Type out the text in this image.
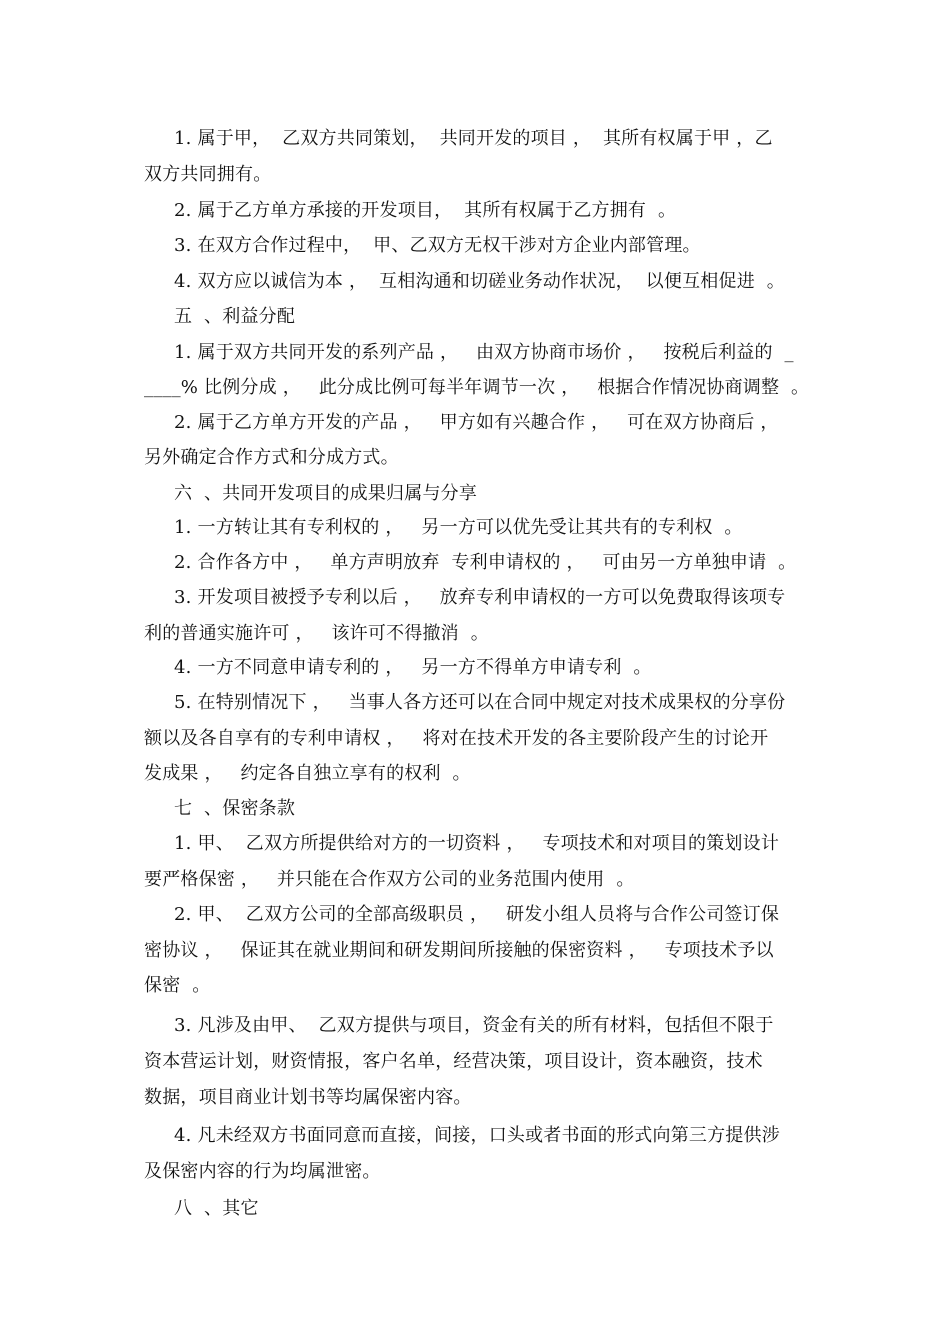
1. 属于甲，  乙双方共同策划，  共同开发的项目 ，  其所有权属于甲 ，乙
双方共同拥有。
2. 属于乙方单方承接的开发项目，  其所有权属于乙方拥有  。
3. 在双方合作过程中，  甲、乙双方无权干涉对方企业内部管理。
4. 双方应以诚信为本 ，  互相沟通和切磋业务动作状况，  以便互相促进  。
五  、利益分配
1. 属于双方共同开发的系列产品 ，   由双方协商市场价 ，   按税后利益的  _
____% 比例分成 ，   此分成比例可每半年调节一次 ，   根据合作情况协商调整  。
2. 属于乙方单方开发的产品 ，   甲方如有兴趣合作 ，   可在双方协商后 ，
另外确定合作方式和分成方式。
六  、共同开发项目的成果归属与分享
1. 一方转让其有专利权的 ，   另一方可以优先受让其共有的专利权  。
2. 合作各方中 ，   单方声明放弃  专利申请权的 ，   可由另一方单独申请  。
3. 开发项目被授予专利以后 ，   放弃专利申请权的一方可以免费取得该项专
利的普通实施许可 ，   该许可不得撤消  。
4. 一方不同意申请专利的 ，   另一方不得单方申请专利  。
5. 在特别情况下 ，   当事人各方还可以在合同中规定对技术成果权的分享份
额以及各自享有的专利申请权 ，   将对在技术开发的各主要阶段产生的讨论开
发成果 ，   约定各自独立享有的权利  。
七  、保密条款
1. 甲、  乙双方所提供给对方的一切资料 ，   专项技术和对项目的策划设计
要严格保密 ，   并只能在合作双方公司的业务范围内使用  。
2. 甲、  乙双方公司的全部高级职员 ，   研发小组人员将与合作公司签订保
密协议 ，   保证其在就业期间和研发期间所接触的保密资料 ，   专项技术予以
保密  。
3. 凡涉及由甲、  乙双方提供与项目，资金有关的所有材料，包括但不限于
资本营运计划，财资情报，客户名单，经营决策，项目设计，资本融资，技术
数据，项目商业计划书等均属保密内容。
4. 凡未经双方书面同意而直接，间接，口头或者书面的形式向第三方提供涉
及保密内容的行为均属泄密。
八  、其它
